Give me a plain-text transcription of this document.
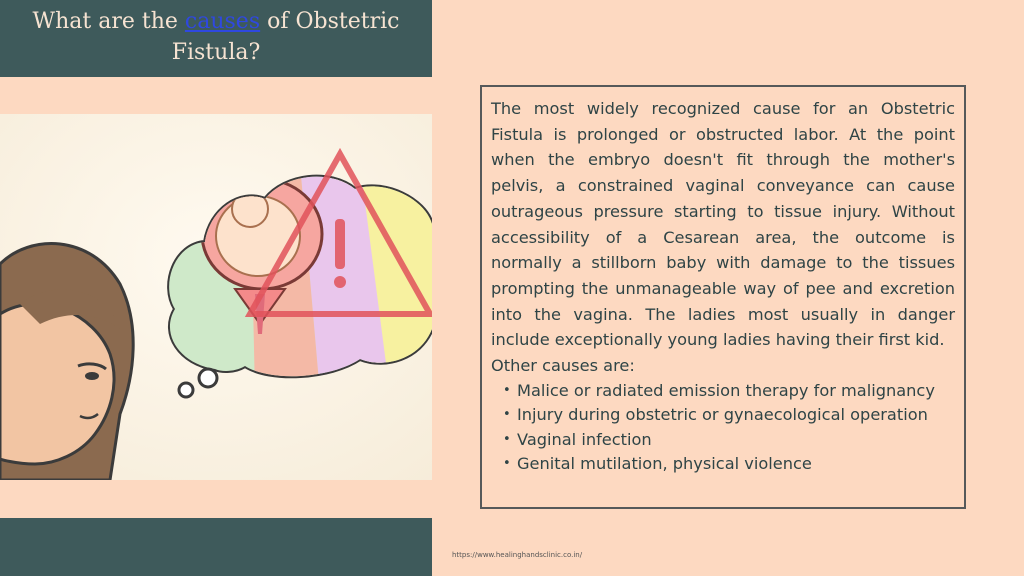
What are the causes of Obstetric Fistula?

The most widely recognized cause for an Obstetric Fistula is prolonged or obstructed labor. At the point when the embryo doesn't fit through the mother's pelvis, a constrained vaginal conveyance can cause outrageous pressure starting to tissue injury. Without accessibility of a Cesarean area, the outcome is normally a stillborn baby with damage to the tissues prompting the unmanageable way of pee and excretion into the vagina. The ladies most usually in danger include exceptionally young ladies having their first kid.

Other causes are:

• Malice or radiated emission therapy for malignancy
• Injury during obstetric or gynaecological operation
• Vaginal infection
• Genital mutilation, physical violence
https://www.healinghandsclinic.co.in/
